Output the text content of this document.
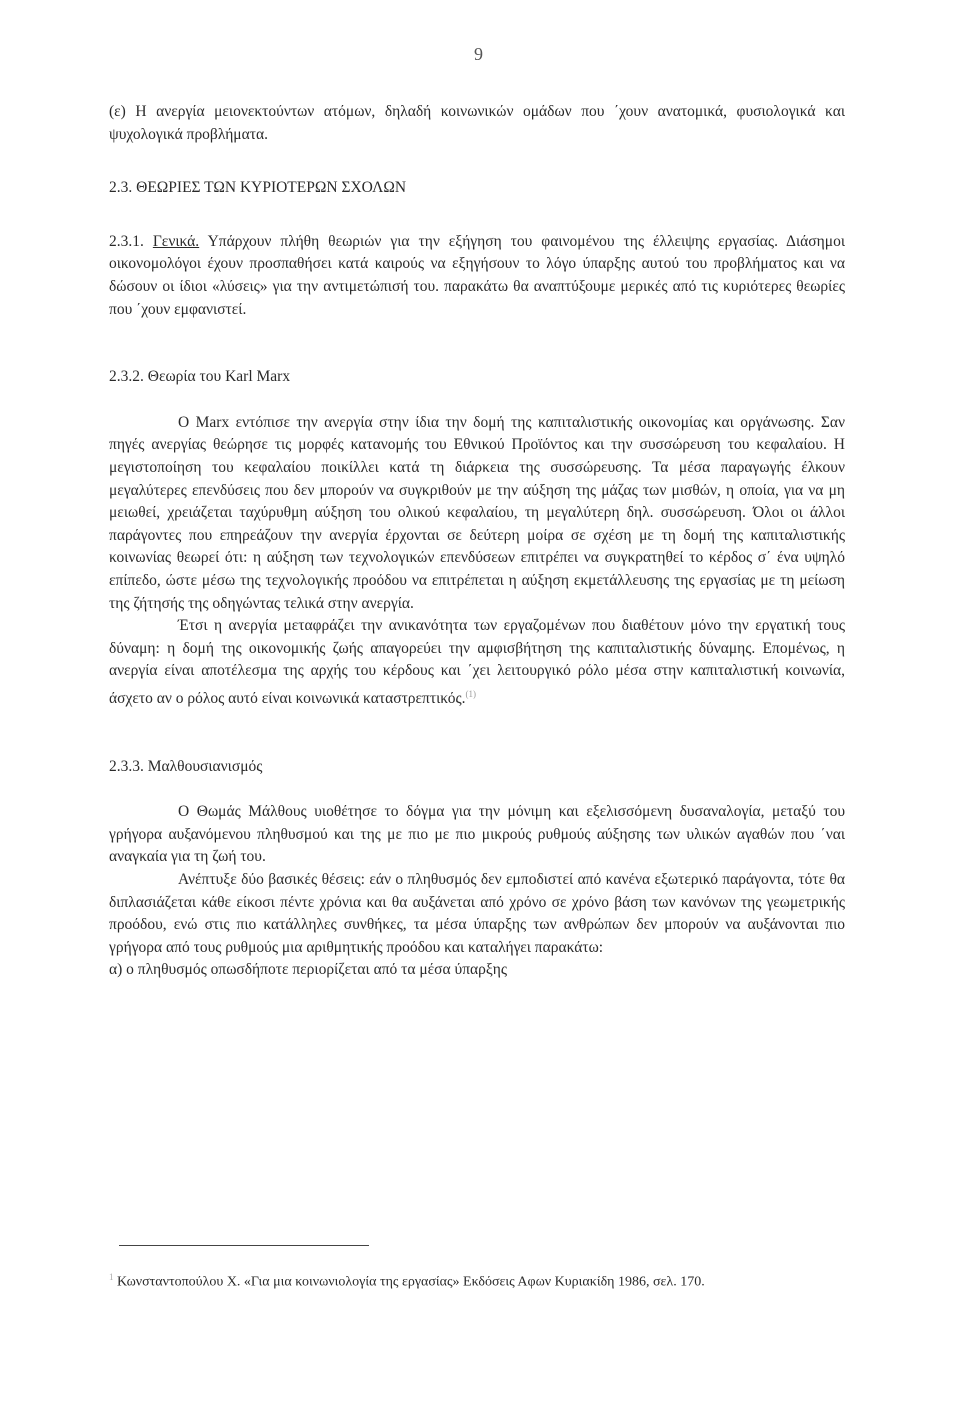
9

(ε) Η ανεργία μειονεκτούντων ατόμων, δηλαδή κοινωνικών ομάδων που ΄χουν ανατομικά, φυσιολογικά και ψυχολογικά προβλήματα.

2.3. ΘΕΩΡΙΕΣ ΤΩΝ ΚΥΡΙΟΤΕΡΩΝ ΣΧΟΛΩΝ

2.3.1. Γενικά. Υπάρχουν πλήθη θεωριών για την εξήγηση του φαινομένου της έλλειψης εργασίας. Διάσημοι οικονομολόγοι έχουν προσπαθήσει κατά καιρούς να εξηγήσουν το λόγο ύπαρξης αυτού του προβλήματος και να δώσουν οι ίδιοι «λύσεις» για την αντιμετώπισή του. παρακάτω θα αναπτύξουμε μερικές από τις κυριότερες θεωρίες που ΄χουν εμφανιστεί.

2.3.2. Θεωρία του Karl Marx

Ο Marx εντόπισε την ανεργία στην ίδια την δομή της καπιταλιστικής οικονομίας και οργάνωσης. Σαν πηγές ανεργίας θεώρησε τις μορφές κατανομής του Εθνικού Προϊόντος και την συσσώρευση του κεφαλαίου. Η μεγιστοποίηση του κεφαλαίου ποικίλλει κατά τη διάρκεια της συσσώρευσης. Τα μέσα παραγωγής έλκουν μεγαλύτερες επενδύσεις που δεν μπορούν να συγκριθούν με την αύξηση της μάζας των μισθών, η οποία, για να μη μειωθεί, χρειάζεται ταχύρυθμη αύξηση του ολικού κεφαλαίου, τη μεγαλύτερη δηλ. συσσώρευση. Όλοι οι άλλοι παράγοντες που επηρεάζουν την ανεργία έρχονται σε δεύτερη μοίρα σε σχέση με τη δομή της καπιταλιστικής κοινωνίας θεωρεί ότι: η αύξηση των τεχνολογικών επενδύσεων επιτρέπει να συγκρατηθεί το κέρδος σ΄ ένα υψηλό επίπεδο, ώστε μέσω της τεχνολογικής προόδου να επιτρέπεται η αύξηση εκμετάλλευσης της εργασίας με τη μείωση της ζήτησής της οδηγώντας τελικά στην ανεργία.

Έτσι η ανεργία μεταφράζει την ανικανότητα των εργαζομένων που διαθέτουν μόνο την εργατική τους δύναμη: η δομή της οικονομικής ζωής απαγορεύει την αμφισβήτηση της καπιταλιστικής δύναμης. Επομένως, η ανεργία είναι αποτέλεσμα της αρχής του κέρδους και ΄χει λειτουργικό ρόλο μέσα στην καπιταλιστική κοινωνία, άσχετο αν ο ρόλος αυτό είναι κοινωνικά καταστρεπτικός.$^{(1)}$

2.3.3. Μαλθουσιανισμός

Ο Θωμάς Μάλθους υιοθέτησε το δόγμα για την μόνιμη και εξελισσόμενη δυσαναλογία, μεταξύ του γρήγορα αυξανόμενου πληθυσμού και της με πιο με πιο μικρούς ρυθμούς αύξησης των υλικών αγαθών που ΄ναι αναγκαία για τη ζωή του.

Ανέπτυξε δύο βασικές θέσεις: εάν ο πληθυσμός δεν εμποδιστεί από κανένα εξωτερικό παράγοντα, τότε θα διπλασιάζεται κάθε είκοσι πέντε χρόνια και θα αυξάνεται από χρόνο σε χρόνο βάση των κανόνων της γεωμετρικής προόδου, ενώ στις πιο κατάλληλες συνθήκες, τα μέσα ύπαρξης των ανθρώπων δεν μπορούν να αυξάνονται πιο γρήγορα από τους ρυθμούς μια αριθμητικής προόδου και καταλήγει παρακάτω:

α) ο πληθυσμός οπωσδήποτε περιορίζεται από τα μέσα ύπαρξης

$^1$ Κωνσταντοπούλου Χ. «Για μια κοινωνιολογία της εργασίας» Εκδόσεις Αφων Κυριακίδη 1986, σελ. 170.
